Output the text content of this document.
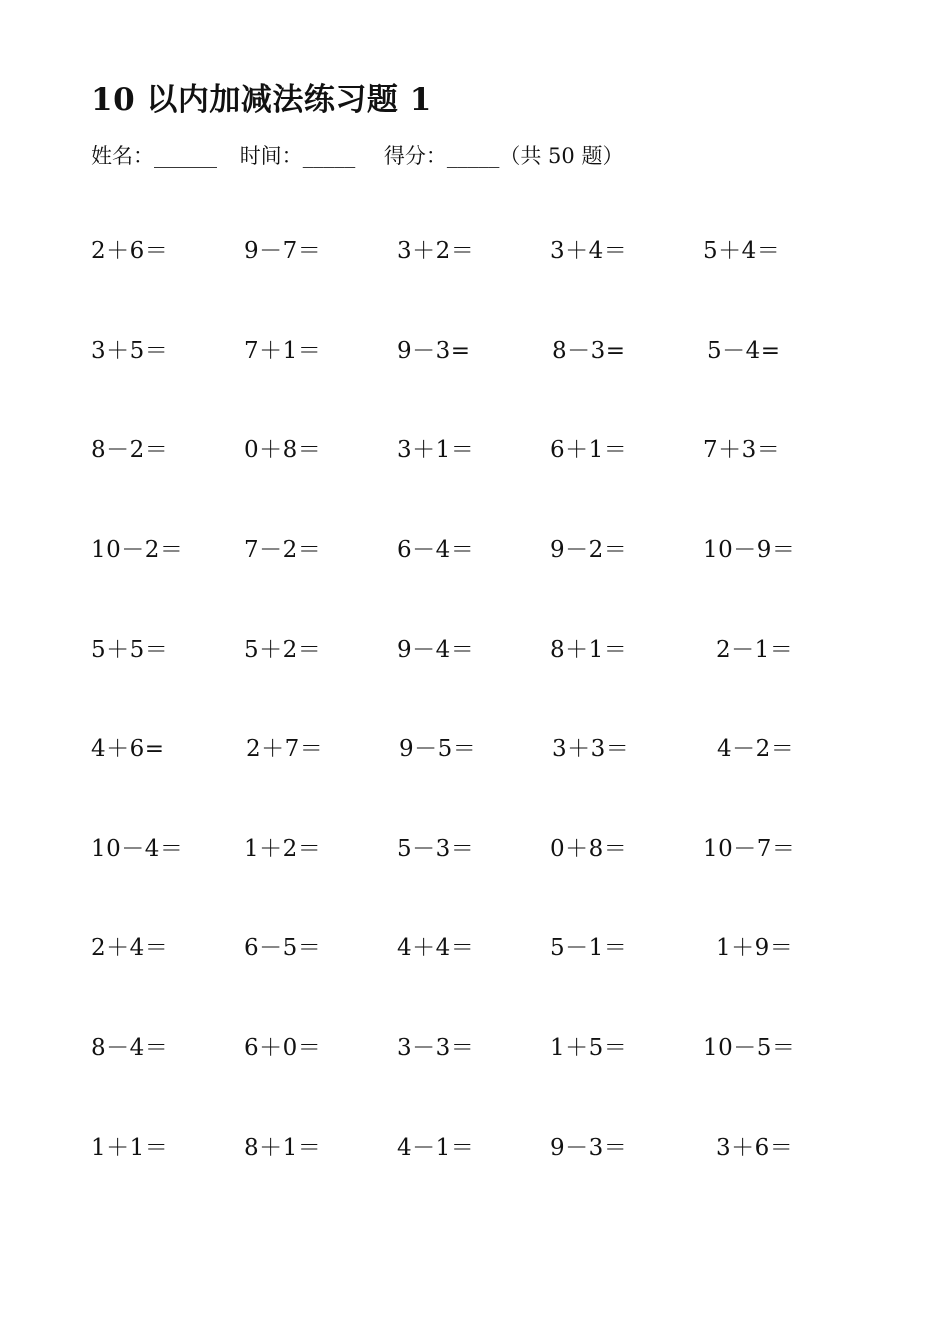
10 以内加减法练习题 1
姓名：______ 时间：_____ 得分：_____（共 50 题）
2＋6＝	9－7＝	3＋2＝	3＋4＝	5＋4＝
3＋5＝	7＋1＝	9－3=	8－3=	5－4=
8－2＝	0＋8＝	3＋1＝	6＋1＝	7＋3＝
10－2＝	7－2＝	6－4＝	9－2＝	10－9＝
5＋5＝	5＋2＝	9－4＝	8＋1＝	2－1＝
4＋6=	2＋7＝	9－5＝	3＋3＝	4－2＝
10－4＝	1＋2＝	5－3＝	0＋8＝	10－7＝
2＋4＝	6－5＝	4＋4＝	5－1＝	1＋9＝
8－4＝	6＋0＝	3－3＝	1＋5＝	10－5＝
1＋1＝	8＋1＝	4－1＝	9－3＝	3＋6＝
